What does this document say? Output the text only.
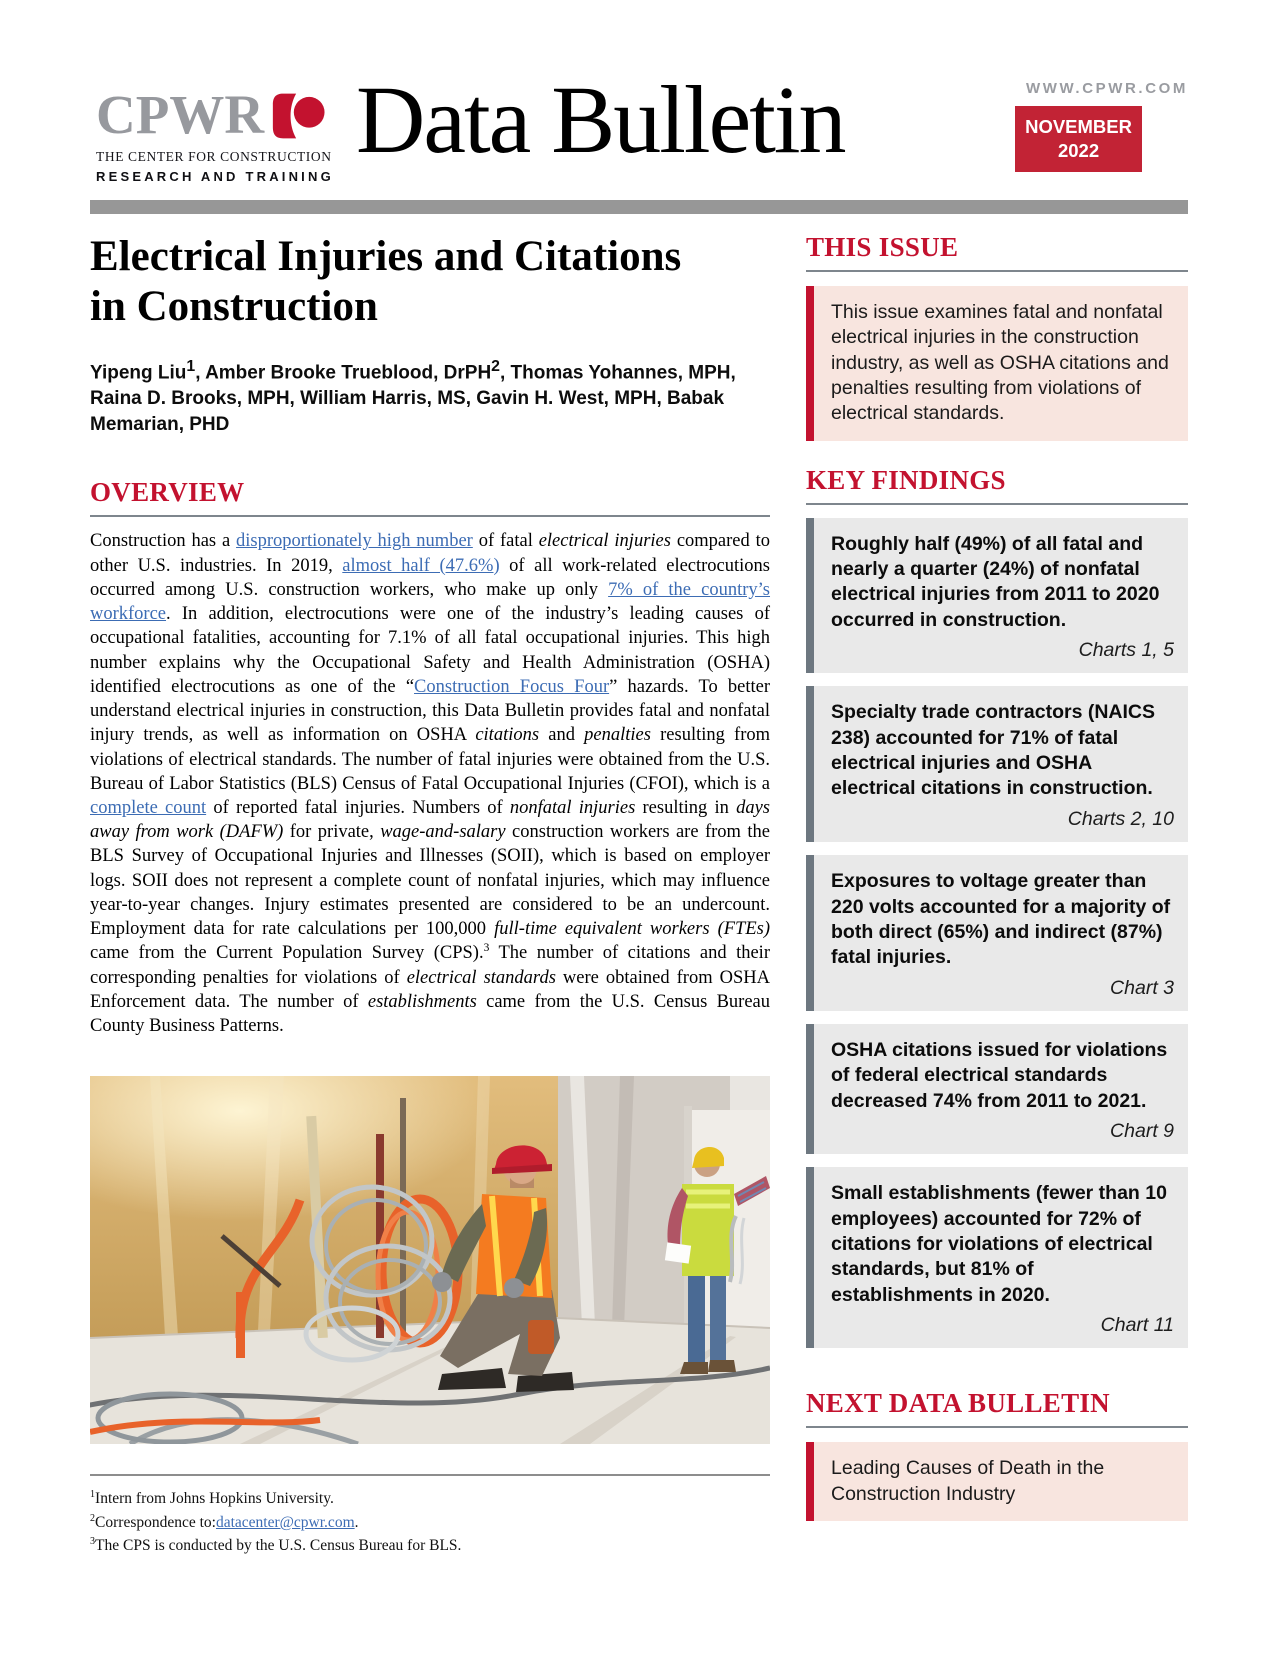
CPWR
THE CENTER FOR CONSTRUCTION
RESEARCH AND TRAINING
Data Bulletin	WWW.CPWR.COM
NOVEMBER
2022
Electrical Injuries and Citations
in Construction
Yipeng Liu$^1$, Amber Brooke Trueblood, DrPH$^2$, Thomas Yohannes, MPH, Raina D. Brooks, MPH, William Harris, MS, Gavin H. West, MPH, Babak Memarian, PHD
OVERVIEW

Construction has a disproportionately high number of fatal electrical injuries compared to other U.S. industries. In 2019, almost half (47.6%) of all work-related electrocutions occurred among U.S. construction workers, who make up only 7% of the country’s workforce. In addition, electrocutions were one of the industry’s leading causes of occupational fatalities, accounting for 7.1% of all fatal occupational injuries. This high number explains why the Occupational Safety and Health Administration (OSHA) identified electrocutions as one of the “Construction Focus Four” hazards. To better understand electrical injuries in construction, this Data Bulletin provides fatal and nonfatal injury trends, as well as information on OSHA citations and penalties resulting from violations of electrical standards. The number of fatal injuries were obtained from the U.S. Bureau of Labor Statistics (BLS) Census of Fatal Occupational Injuries (CFOI), which is a complete count of reported fatal injuries. Numbers of nonfatal injuries resulting in days away from work (DAFW) for private, wage-and-salary construction workers are from the BLS Survey of Occupational Injuries and Illnesses (SOII), which is based on employer logs. SOII does not represent a complete count of nonfatal injuries, which may influence year-to-year changes. Injury estimates presented are considered to be an undercount. Employment data for rate calculations per 100,000 full-time equivalent workers (FTEs) came from the Current Population Survey (CPS).$^3$ The number of citations and their corresponding penalties for violations of electrical standards were obtained from OSHA Enforcement data. The number of establishments came from the U.S. Census Bureau County Business Patterns.

$^1$Intern from Johns Hopkins University.
$^2$Correspondence to:datacenter@cpwr.com.
$^3$The CPS is conducted by the U.S. Census Bureau for BLS.
THIS ISSUE
This issue examines fatal and nonfatal electrical injuries in the construction industry, as well as OSHA citations and penalties resulting from violations of electrical standards.
KEY FINDINGS
Roughly half (49%) of all fatal and nearly a quarter (24%) of nonfatal electrical injuries from 2011 to 2020 occurred in construction.
Charts 1, 5
Specialty trade contractors (NAICS 238) accounted for 71% of fatal electrical injuries and OSHA electrical citations in construction.
Charts 2, 10
Exposures to voltage greater than 220 volts accounted for a majority of both direct (65%) and indirect (87%) fatal injuries.
Chart 3
OSHA citations issued for violations of federal electrical standards decreased 74% from 2011 to 2021.
Chart 9
Small establishments (fewer than 10 employees) accounted for 72% of citations for violations of electrical standards, but 81% of establishments in 2020.
Chart 11
NEXT DATA BULLETIN
Leading Causes of Death in the Construction Industry
